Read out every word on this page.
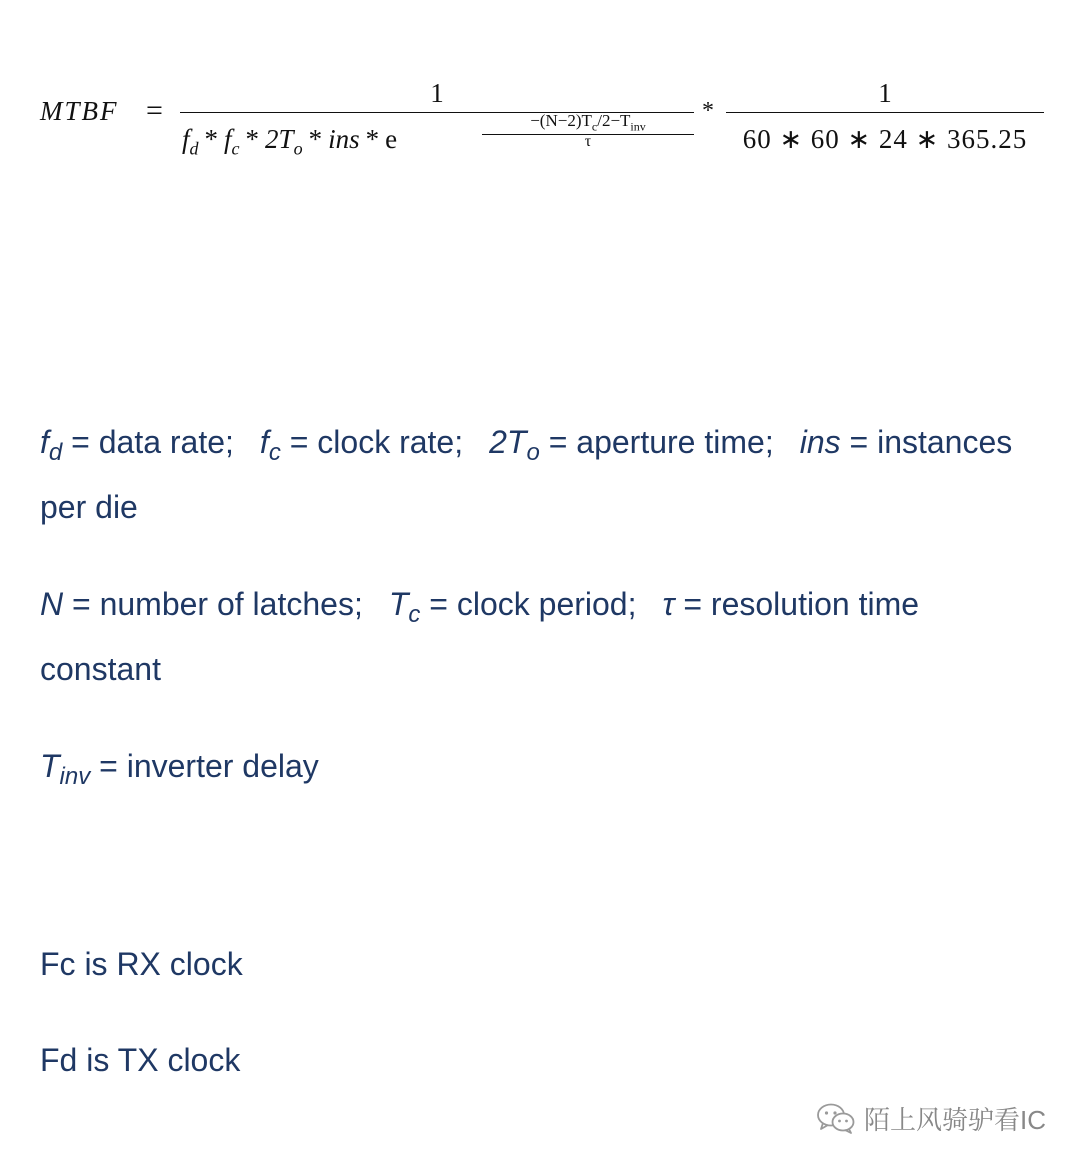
MTBF =
1
$f_d * f_c * 2T_o$ * ins * e
$-(N-2)T_c/2-T_{inv}$
τ
*
1
60 ∗ 60 ∗ 24 ∗ 365.25
$f_d$ = data rate; $f_c$ = clock rate; $2T_o$ = aperture time; ins = instances per die
N = number of latches; $T_c$ = clock period; τ = resolution time constant
$T_{inv}$ = inverter delay
Fc is RX clock
Fd is TX clock
陌上风骑驴看IC
